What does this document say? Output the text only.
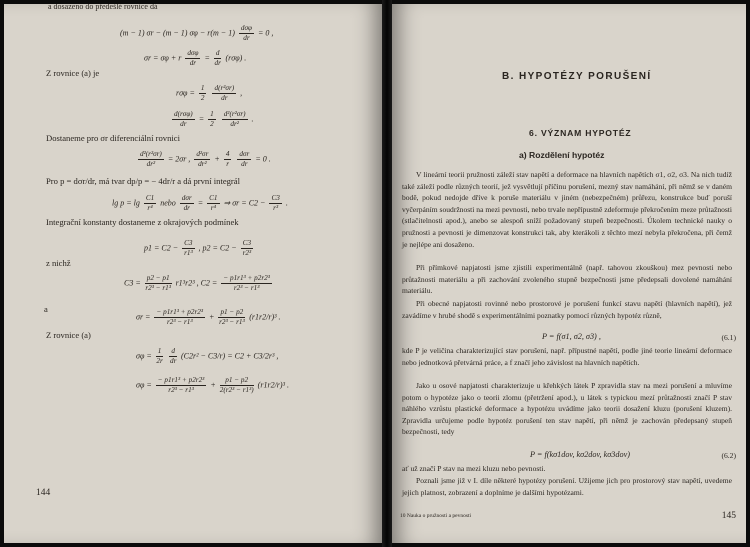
a dosazeno do předešlé rovnice dá
(m − 1) σr − (m − 1) $\sigma\varphi - r(m - 1) \frac{\text{dσφ}}{dr} = 0$ ,
σr = σφ + r $\frac{\text{dσφ}}{dr} = \frac{d}{dr} (r\sigma\varphi)$ .
Z rovnice (a) je
$r\sigma\varphi = \frac{1}{2}$
$\frac{\text{d(r²σr)}}{dr}$ ,
$\frac{\text{d(rσφ)}}{dr} = \frac{1}{2}$
$\frac{\text{d²(r²σr)}}{\text{dr²}}$ .
Dostaneme pro σr diferenciální rovnici
$\frac{\text{d²(r²σr)}}{\text{dr²}} = 2\sigma r$ , $\frac{\text{d²σr}}{\text{dr²}} + \frac{4}{r}$
$\frac{\text{dσr}}{dr} = 0$ .
Pro p = dσr/dr, má tvar dp/p = − 4dr/r a dá první integrál
$\lg p = \lg \frac{C1}{\text{r⁴}}$ nebo $\frac{\text{dσr}}{dr} = \frac{C1}{\text{r⁴}}$ ⇒ $\sigma r = C2 - \frac{C3}{\text{r³}}$ .
Integrační konstanty dostaneme z okrajových podmínek
$p1 = C2 - \frac{C3}{\text{r1³}}$ , $p2 = C2 - \frac{C3}{\text{r2³}}$
z nichž
$C3 = \frac{p2 - p1}{\text{r2³ − r1³}} r1^3r2^3$ , $C2 = \frac{\text{− p1r1³ + p2r2³}}{\text{r2³ − r1³}}$
a
$\sigma r = \frac{\text{− p1r1³ + p2r2³}}{\text{r2³ − r1³}} + \frac{p1 - p2}{\text{r2³ − r1³}} (r1r2/r)^3$ .
Z rovnice (a)
$\sigma\varphi = \frac{1}{2r}$
$\frac{d}{dr} (C2r^2 - C3/r) = C2 + C3/2r^3$ ,
$\sigma\varphi = \frac{\text{− p1r1³ + p2r2³}}{\text{r2³ − r1³}} + \frac{p1 - p2}{\text{2(r2³ − r1³)}} (r1r2/r)^3$ .
144
B. HYPOTÉZY PORUŠENÍ
6. VÝZNAM HYPOTÉZ
a) Rozdělení hypotéz
V lineární teorii pružnosti záleží stav napětí a deformace na hlavních napětích σ1, σ2, σ3. Na nich tudíž také záleží podle různých teorií, jež vysvětlují příčinu porušení, mezný stav namáhání, při němž se v daném bodě, pokud nedojde dříve k poruše materiálu v jiném (nebezpečném) průřezu, konstrukce buď poruší vyčerpáním soudržnosti na mezi pevnosti, nebo trvale nepřípustně zdeformuje překročením meze průtažnosti (stlačitelnosti apod.), anebo se alespoň sníží požadovaný stupeň bezpečnosti. Úkolem technické nauky o pružnosti a pevnosti je dimenzovat konstrukci tak, aby kterákoli z těchto mezí nebyla překročena, při čemž je nejlépe ani dosaženo.
Při přímkové napjatosti jsme zjistili experimentálně (např. tahovou zkouškou) mez pevnosti nebo průtažnosti materiálu a při zachování zvoleného stupně bezpečnosti jsme předepsali dovolené namáhání materiálu.
Při obecné napjatosti rovinné nebo prostorové je porušení funkcí stavu napětí (hlavních napětí), jež zavádíme v hrubé shodě s experimentálními poznatky pomocí různých hypotéz různě,
P = f(σ1, σ2, σ3) ,	(6.1)
kde P je veličina charakterizující stav porušení, např. přípustné napětí, podle jiné teorie lineární deformace nebo jednotková přetvárná práce, a f značí jeho závislost na hlavních napětích.
Jako u osové napjatosti charakterizuje u křehkých látek P zpravidla stav na mezi porušení a mluvíme potom o hypotéze jako o teorii zlomu (přetržení apod.), u látek s typickou mezí průtažnosti značí P stav náhlého vzrůstu plastické deformace a hypotézu uvádíme jako teorii dosažení kluzu (porušení kluzem). Zpravidla určujeme podle hypotéz porušení ten stav napětí, při němž je zachován předepsaný stupeň bezpečnosti, tedy
P = f(kσ1dov, kσ2dov, kσ3dov)	(6.2)
ať už značí P stav na mezi kluzu nebo pevnosti.
Poznali jsme již v I. díle některé hypotézy porušení. Užijeme jich pro prostorový stav napětí, uvedeme jejich platnost, zobrazení a doplníme je dalšími hypotézami.
10 Nauka o pružnosti a pevnosti	145
